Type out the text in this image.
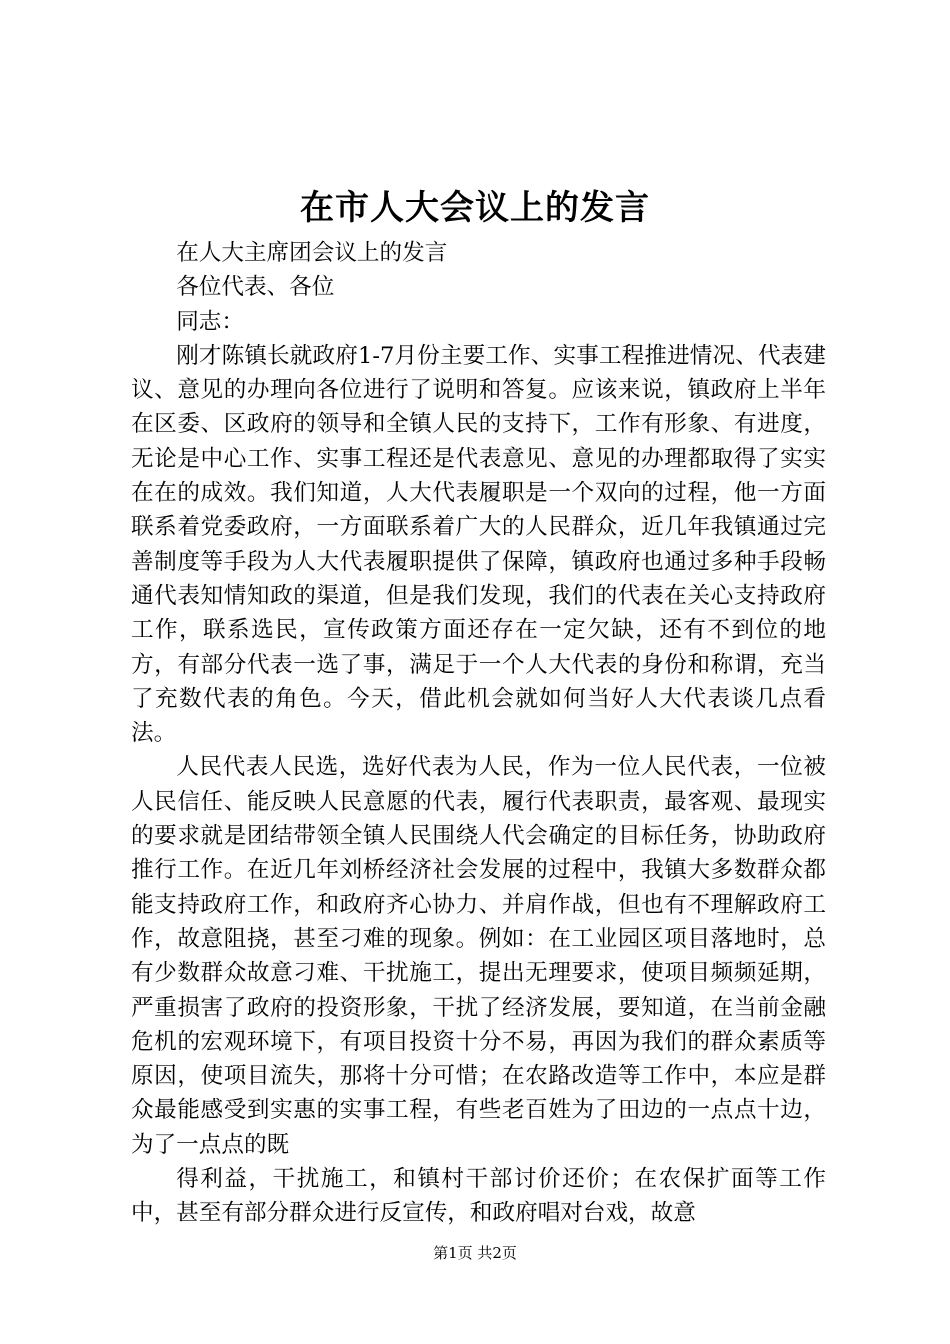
在市人大会议上的发言

在人大主席团会议上的发言

各位代表、各位

同志：

刚才陈镇长就政府1-7月份主要工作、实事工程推进情况、代表建议、意见的办理向各位进行了说明和答复。应该来说，镇政府上半年在区委、区政府的领导和全镇人民的支持下，工作有形象、有进度，无论是中心工作、实事工程还是代表意见、意见的办理都取得了实实在在的成效。我们知道，人大代表履职是一个双向的过程，他一方面联系着党委政府，一方面联系着广大的人民群众，近几年我镇通过完善制度等手段为人大代表履职提供了保障，镇政府也通过多种手段畅通代表知情知政的渠道，但是我们发现，我们的代表在关心支持政府工作，联系选民，宣传政策方面还存在一定欠缺，还有不到位的地方，有部分代表一选了事，满足于一个人大代表的身份和称谓，充当了充数代表的角色。今天，借此机会就如何当好人大代表谈几点看法。

人民代表人民选，选好代表为人民，作为一位人民代表，一位被人民信任、能反映人民意愿的代表，履行代表职责，最客观、最现实的要求就是团结带领全镇人民围绕人代会确定的目标任务，协助政府推行工作。在近几年刘桥经济社会发展的过程中，我镇大多数群众都能支持政府工作，和政府齐心协力、并肩作战，但也有不理解政府工作，故意阻挠，甚至刁难的现象。例如：在工业园区项目落地时，总有少数群众故意刁难、干扰施工，提出无理要求，使项目频频延期，严重损害了政府的投资形象，干扰了经济发展，要知道，在当前金融危机的宏观环境下，有项目投资十分不易，再因为我们的群众素质等原因，使项目流失，那将十分可惜；在农路改造等工作中，本应是群众最能感受到实惠的实事工程，有些老百姓为了田边的一点点十边，为了一点点的既

得利益，干扰施工，和镇村干部讨价还价；在农保扩面等工作中，甚至有部分群众进行反宣传，和政府唱对台戏，故意

第1页 共2页
